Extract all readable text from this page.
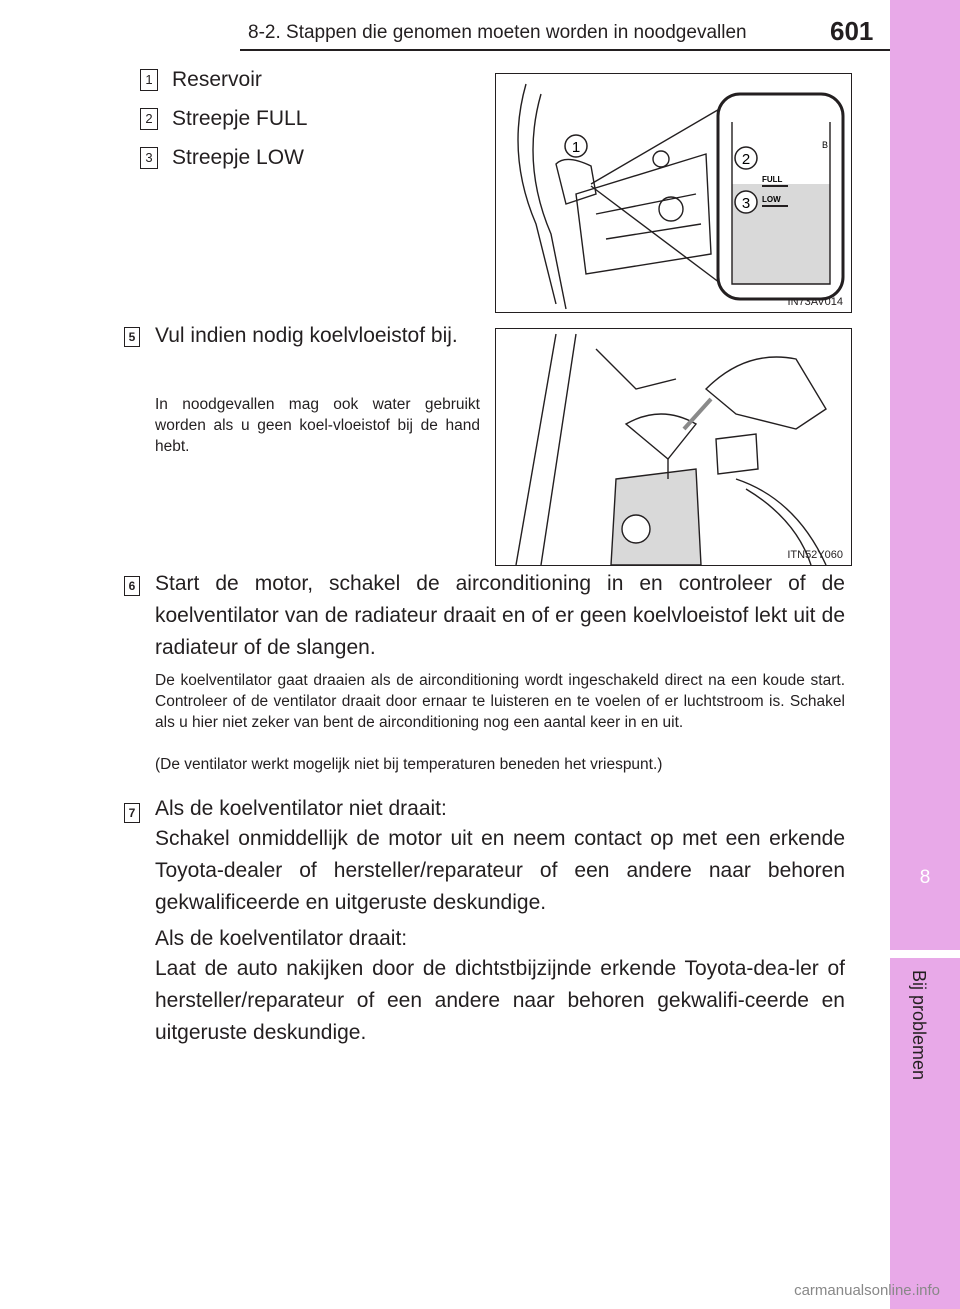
8-2. Stappen die genomen moeten worden in noodgevallen	601
8
Bij problemen
1 Reservoir
2 Streepje FULL
3 Streepje LOW
B
FULL
LOW
1
2
3
IN73AV014
5 Vul indien nodig koelvloeistof bij.
In noodgevallen mag ook water gebruikt worden als u geen koel-vloeistof bij de hand hebt.
ITN52Y060
6 Start de motor, schakel de airconditioning in en controleer of de koelventilator van de radiateur draait en of er geen koelvloeistof lekt uit de radiateur of de slangen.
De koelventilator gaat draaien als de airconditioning wordt ingeschakeld direct na een koude start. Controleer of de ventilator draait door ernaar te luisteren en te voelen of er luchtstroom is. Schakel als u hier niet zeker van bent de airconditioning nog een aantal keer in en uit.
(De ventilator werkt mogelijk niet bij temperaturen beneden het vriespunt.)
7 Als de koelventilator niet draait:
Schakel onmiddellijk de motor uit en neem contact op met een erkende Toyota-dealer of hersteller/reparateur of een andere naar behoren gekwalificeerde en uitgeruste deskundige.
Als de koelventilator draait:
Laat de auto nakijken door de dichtstbijzijnde erkende Toyota-dea-ler of hersteller/reparateur of een andere naar behoren gekwalifi-ceerde en uitgeruste deskundige.
carmanualsonline.info
